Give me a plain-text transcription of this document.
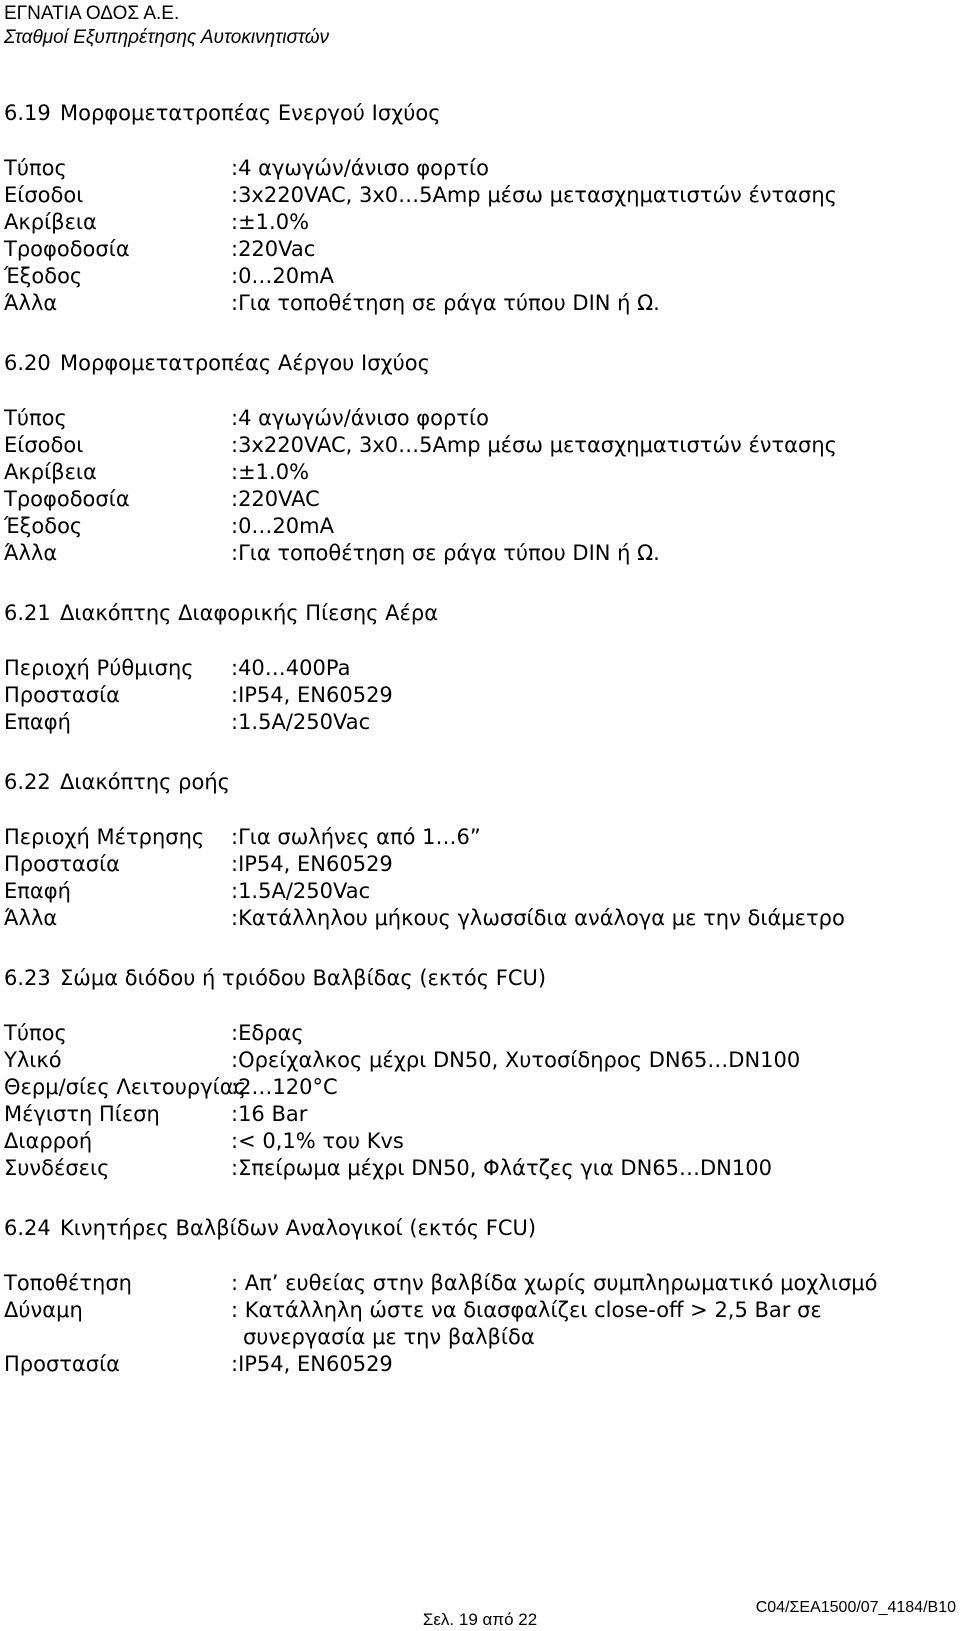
ΕΓΝΑΤΙΑ ΟΔΟΣ Α.Ε.
Σταθμοί Εξυπηρέτησης Αυτοκινητιστών
6.19 Μορφομετατροπέας Ενεργού Ισχύος
Τύπος	:4 αγωγών/άνισο φορτίο
Είσοδοι	:3x220VAC, 3x0…5Amp μέσω μετασχηματιστών έντασης
Ακρίβεια	:±1.0%
Τροφοδοσία	:220Vac
Έξοδος	:0…20mA
Άλλα	:Για τοποθέτηση σε ράγα τύπου DIN ή Ω.
6.20 Μορφομετατροπέας Αέργου Ισχύος
Τύπος	:4 αγωγών/άνισο φορτίο
Είσοδοι	:3x220VAC, 3x0…5Amp μέσω μετασχηματιστών έντασης
Ακρίβεια	:±1.0%
Τροφοδοσία	:220VAC
Έξοδος	:0…20mA
Άλλα	:Για τοποθέτηση σε ράγα τύπου DIN ή Ω.
6.21 Διακόπτης Διαφορικής Πίεσης Αέρα
Περιοχή Ρύθμισης	:40…400Pa
Προστασία	:IP54, EN60529
Επαφή	:1.5A/250Vac
6.22 Διακόπτης ροής
Περιοχή Μέτρησης	:Για σωλήνες από 1…6”
Προστασία	:IP54, EN60529
Επαφή	:1.5A/250Vac
Άλλα	:Κατάλληλου μήκους γλωσσίδια ανάλογα με την διάμετρο
6.23 Σώμα διόδου ή τριόδου Βαλβίδας (εκτός FCU)
Τύπος	:Εδρας
Υλικό	:Ορείχαλκος μέχρι DN50, Χυτοσίδηρος DN65…DN100
Θερμ/σίες Λειτουργίας
:2…120°C
Μέγιστη Πίεση	:16 Bar
Διαρροή	:< 0,1% του Kvs
Συνδέσεις	:Σπείρωμα μέχρι DN50, Φλάτζες για DN65…DN100
6.24 Κινητήρες Βαλβίδων Αναλογικοί (εκτός FCU)
Τοποθέτηση	: Απ’ ευθείας στην βαλβίδα χωρίς συμπληρωματικό μοχλισμό
Δύναμη	: Κατάλληλη ώστε να διασφαλίζει close-off > 2,5 Bar σε
συνεργασία με την βαλβίδα
Προστασία	:IP54, EN60529
C04/ΣΕΑ1500/07_4184/B10
Σελ. 19 από 22
